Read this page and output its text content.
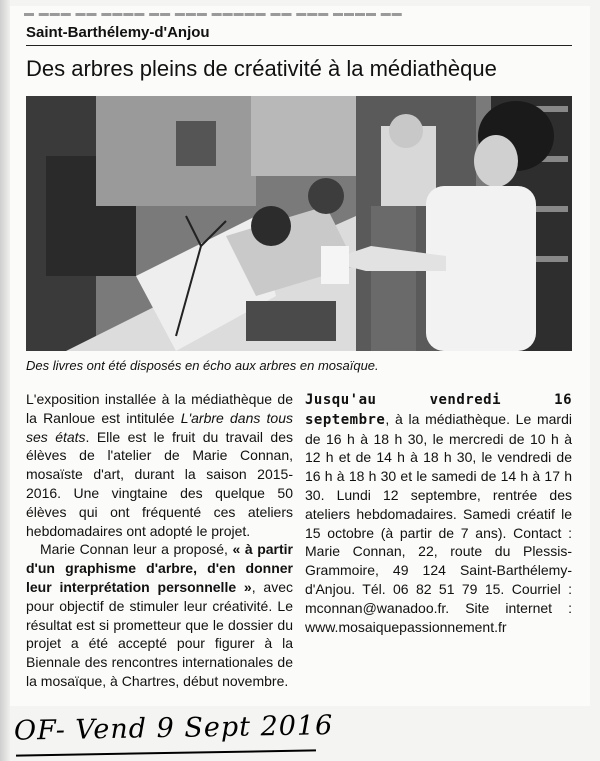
▬ ▬▬▬ ▬▬ ▬▬▬▬ ▬▬ ▬▬▬ ▬▬▬▬▬ ▬▬ ▬▬▬ ▬▬▬▬ ▬▬
Saint-Barthélemy-d'Anjou
Des arbres pleins de créativité à la médiathèque
Des livres ont été disposés en écho aux arbres en mosaïque.

L'exposition installée à la médiathèque de la Ranloue est intitulée L'arbre dans tous ses états. Elle est le fruit du travail des élèves de l'atelier de Marie Connan, mosaïste d'art, durant la saison 2015-2016. Une vingtaine des quelque 50 élèves qui ont fréquenté ces ateliers hebdomadaires ont adopté le projet.

Marie Connan leur a proposé, « à partir d'un graphisme d'arbre, d'en donner leur interprétation personnelle », avec pour objectif de stimuler leur créativité. Le résultat est si prometteur que le dossier du projet a été accepté pour figurer à la Biennale des rencontres internationales de la mosaïque, à Chartres, début novembre.

Jusqu'au vendredi 16 septembre, à la médiathèque. Le mardi de 16 h à 18 h 30, le mercredi de 10 h à 12 h et de 14 h à 18 h 30, le vendredi de 16 h à 18 h 30 et le samedi de 14 h à 17 h 30. Lundi 12 septembre, rentrée des ateliers hebdomadaires. Samedi créatif le 15 octobre (à partir de 7 ans). Contact : Marie Connan, 22, route du Plessis-Grammoire, 49 124 Saint-Barthélemy-d'Anjou. Tél. 06 82 51 79 15. Courriel : mconnan@wanadoo.fr. Site internet : www.mosaiquepassionnement.fr

OF- Vend 9 Sept 2016
